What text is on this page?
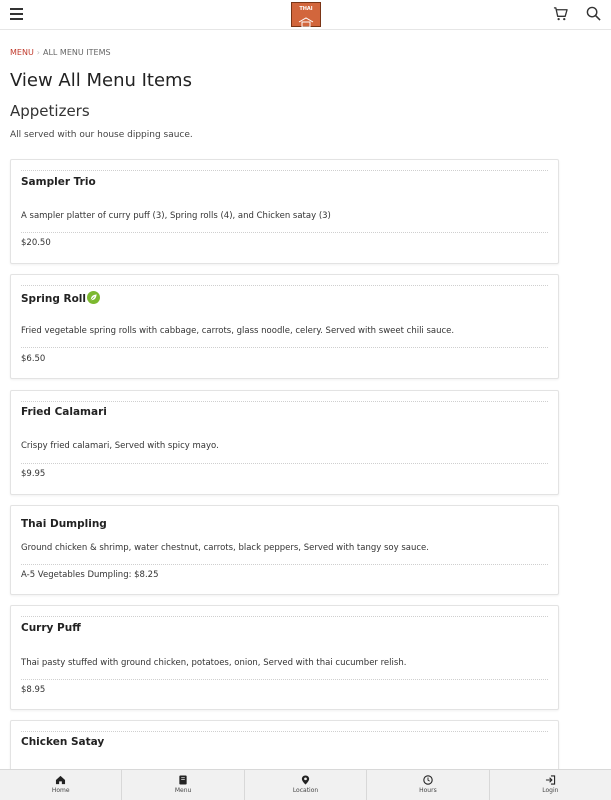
THAI
MENU › ALL MENU ITEMS
View All Menu Items
Appetizers

All served with our house dipping sauce.

Sampler Trio
A sampler platter of curry puff (3), Spring rolls (4), and Chicken satay (3)
$20.50
Spring Roll
Fried vegetable spring rolls with cabbage, carrots, glass noodle, celery. Served with sweet chili sauce.
$6.50
Fried Calamari
Crispy fried calamari, Served with spicy mayo.
$9.95
Thai Dumpling
Ground chicken & shrimp, water chestnut, carrots, black peppers, Served with tangy soy sauce.
A-5 Vegetables Dumpling: $8.25
Curry Puff
Thai pasty stuffed with ground chicken, potatoes, onion, Served with thai cucumber relish.
$8.95
Chicken Satay
Home	Menu	Location	Hours	Login
